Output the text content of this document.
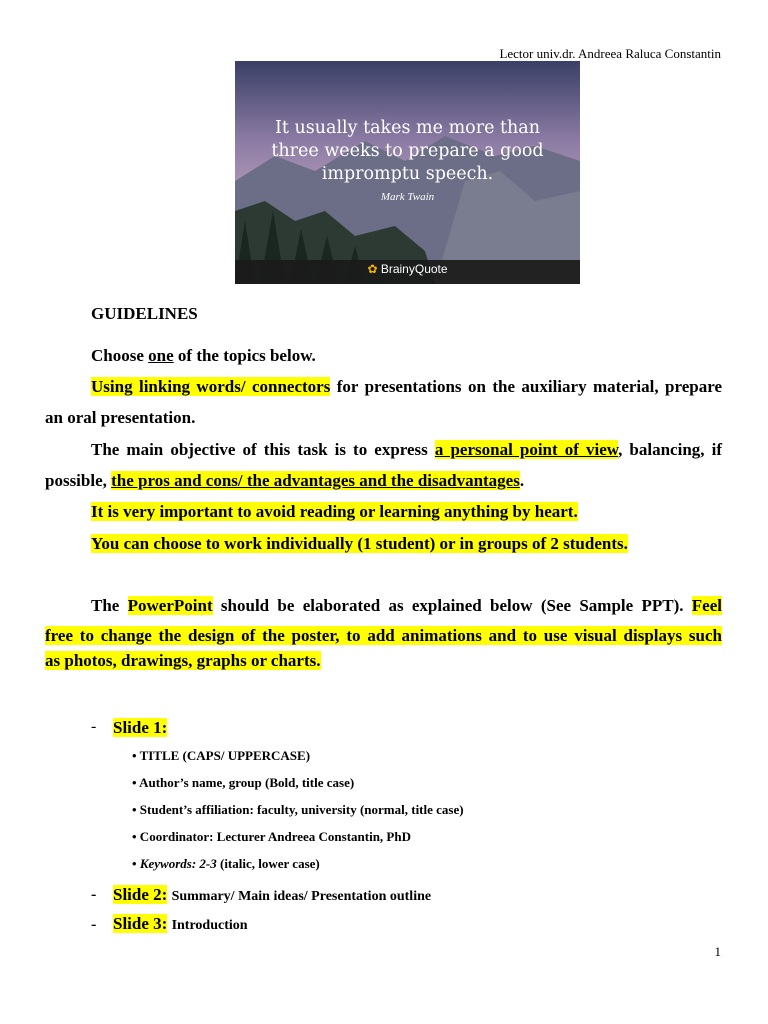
Lector univ.dr. Andreea Raluca Constantin
It usually takes me more than
three weeks to prepare a good
impromptu speech.
Mark Twain
✿ BrainyQuote
GUIDELINES
Choose one of the topics below.
Using linking words/ connectors for presentations on the auxiliary material, prepare
an oral presentation.
The main objective of this task is to express a personal point of view, balancing, if
possible, the pros and cons/ the advantages and the disadvantages.
It is very important to avoid reading or learning anything by heart.
You can choose to work individually (1 student) or in groups of 2 students.
The PowerPoint should be elaborated as explained below (See Sample PPT). Feel
free to change the design of the poster, to add animations and to use visual displays such
as photos, drawings, graphs or charts.
- Slide 1:
• TITLE (CAPS/ UPPERCASE)
• Author’s name, group (Bold, title case)
• Student’s affiliation: faculty, university (normal, title case)
• Coordinator: Lecturer Andreea Constantin, PhD
• Keywords: 2-3 (italic, lower case)
- Slide 2: Summary/ Main ideas/ Presentation outline
- Slide 3: Introduction
1
